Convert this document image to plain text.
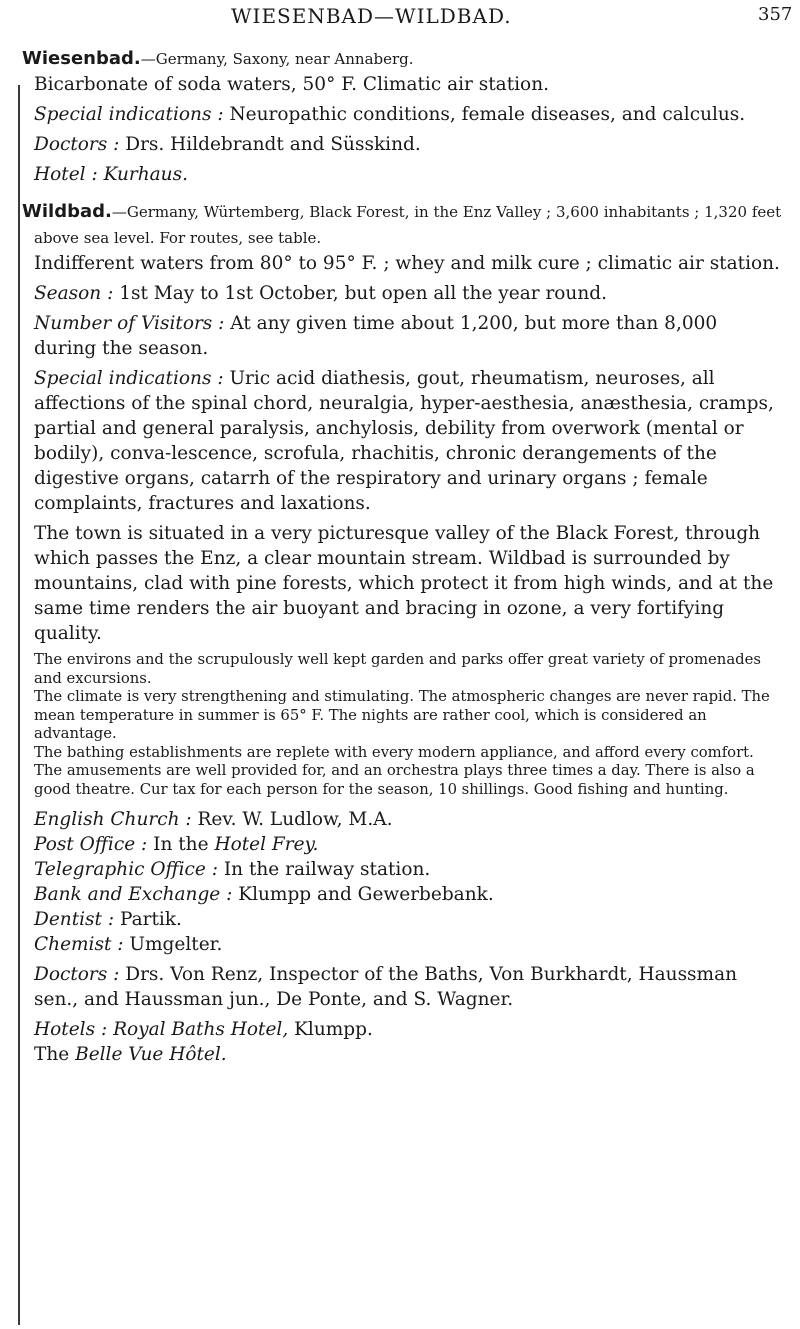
WIESENBAD—WILDBAD.	357

Wiesenbad.—Germany, Saxony, near Annaberg.
Bicarbonate of soda waters, 50° F. Climatic air station.

Special indications : Neuropathic conditions, female diseases, and calculus.

Doctors : Drs. Hildebrandt and Süsskind.

Hotel : Kurhaus.

Wildbad.—Germany, Würtemberg, Black Forest, in the Enz Valley ; 3,600 inhabitants ; 1,320 feet above sea level. For routes, see table.

Indifferent waters from 80° to 95° F. ; whey and milk cure ; climatic air station.

Season : 1st May to 1st October, but open all the year round.

Number of Visitors : At any given time about 1,200, but more than 8,000 during the season.

Special indications : Uric acid diathesis, gout, rheumatism, neuroses, all affections of the spinal chord, neuralgia, hyper-aesthesia, anæsthesia, cramps, partial and general paralysis, anchylosis, debility from overwork (mental or bodily), conva-lescence, scrofula, rhachitis, chronic derangements of the digestive organs, catarrh of the respiratory and urinary organs ; female complaints, fractures and laxations.

The town is situated in a very picturesque valley of the Black Forest, through which passes the Enz, a clear mountain stream. Wildbad is surrounded by mountains, clad with pine forests, which protect it from high winds, and at the same time renders the air buoyant and bracing in ozone, a very fortifying quality.

The environs and the scrupulously well kept garden and parks offer great variety of promenades and excursions.

The climate is very strengthening and stimulating. The atmospheric changes are never rapid. The mean temperature in summer is 65° F. The nights are rather cool, which is considered an advantage.

The bathing establishments are replete with every modern appliance, and afford every comfort.

The amusements are well provided for, and an orchestra plays three times a day. There is also a good theatre. Cur tax for each person for the season, 10 shillings. Good fishing and hunting.

English Church : Rev. W. Ludlow, M.A.

Post Office : In the Hotel Frey.

Telegraphic Office : In the railway station.

Bank and Exchange : Klumpp and Gewerbebank.

Dentist : Partik.

Chemist : Umgelter.

Doctors : Drs. Von Renz, Inspector of the Baths, Von Burkhardt, Haussman sen., and Haussman jun., De Ponte, and S. Wagner.

Hotels : Royal Baths Hotel, Klumpp.
The Belle Vue Hôtel.
